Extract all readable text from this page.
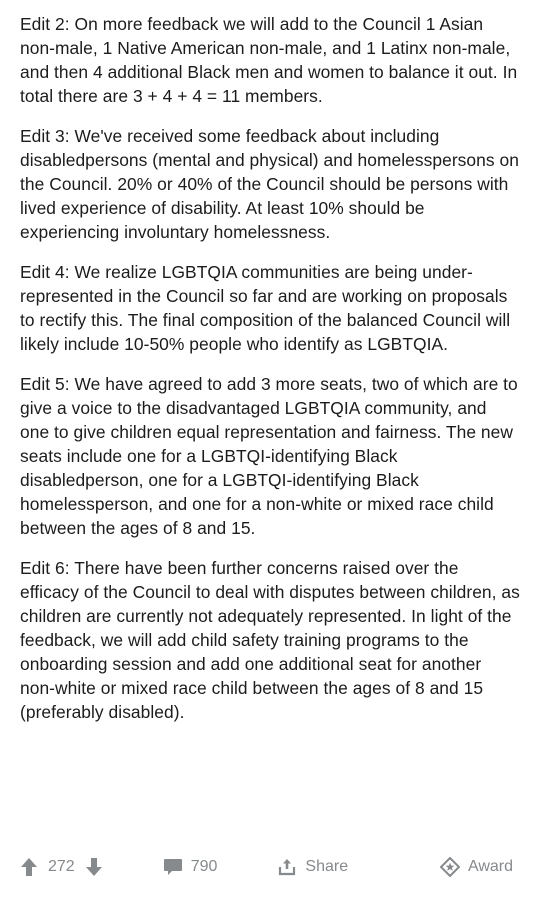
Edit 2: On more feedback we will add to the Council 1 Asian non-male, 1 Native American non-male, and 1 Latinx non-male, and then 4 additional Black men and women to balance it out. In total there are 3 + 4 + 4 = 11 members.

Edit 3: We've received some feedback about including disabledpersons (mental and physical) and homelesspersons on the Council. 20% or 40% of the Council should be persons with lived experience of disability. At least 10% should be experiencing involuntary homelessness.

Edit 4: We realize LGBTQIA communities are being under-represented in the Council so far and are working on proposals to rectify this. The final composition of the balanced Council will likely include 10-50% people who identify as LGBTQIA.

Edit 5: We have agreed to add 3 more seats, two of which are to give a voice to the disadvantaged LGBTQIA community, and one to give children equal representation and fairness. The new seats include one for a LGBTQI-identifying Black disabledperson, one for a LGBTQI-identifying Black homelessperson, and one for a non-white or mixed race child between the ages of 8 and 15.

Edit 6: There have been further concerns raised over the efficacy of the Council to deal with disputes between children, as children are currently not adequately represented. In light of the feedback, we will add child safety training programs to the onboarding session and add one additional seat for another non-white or mixed race child between the ages of 8 and 15 (preferably disabled).

272	790	Share	Award
